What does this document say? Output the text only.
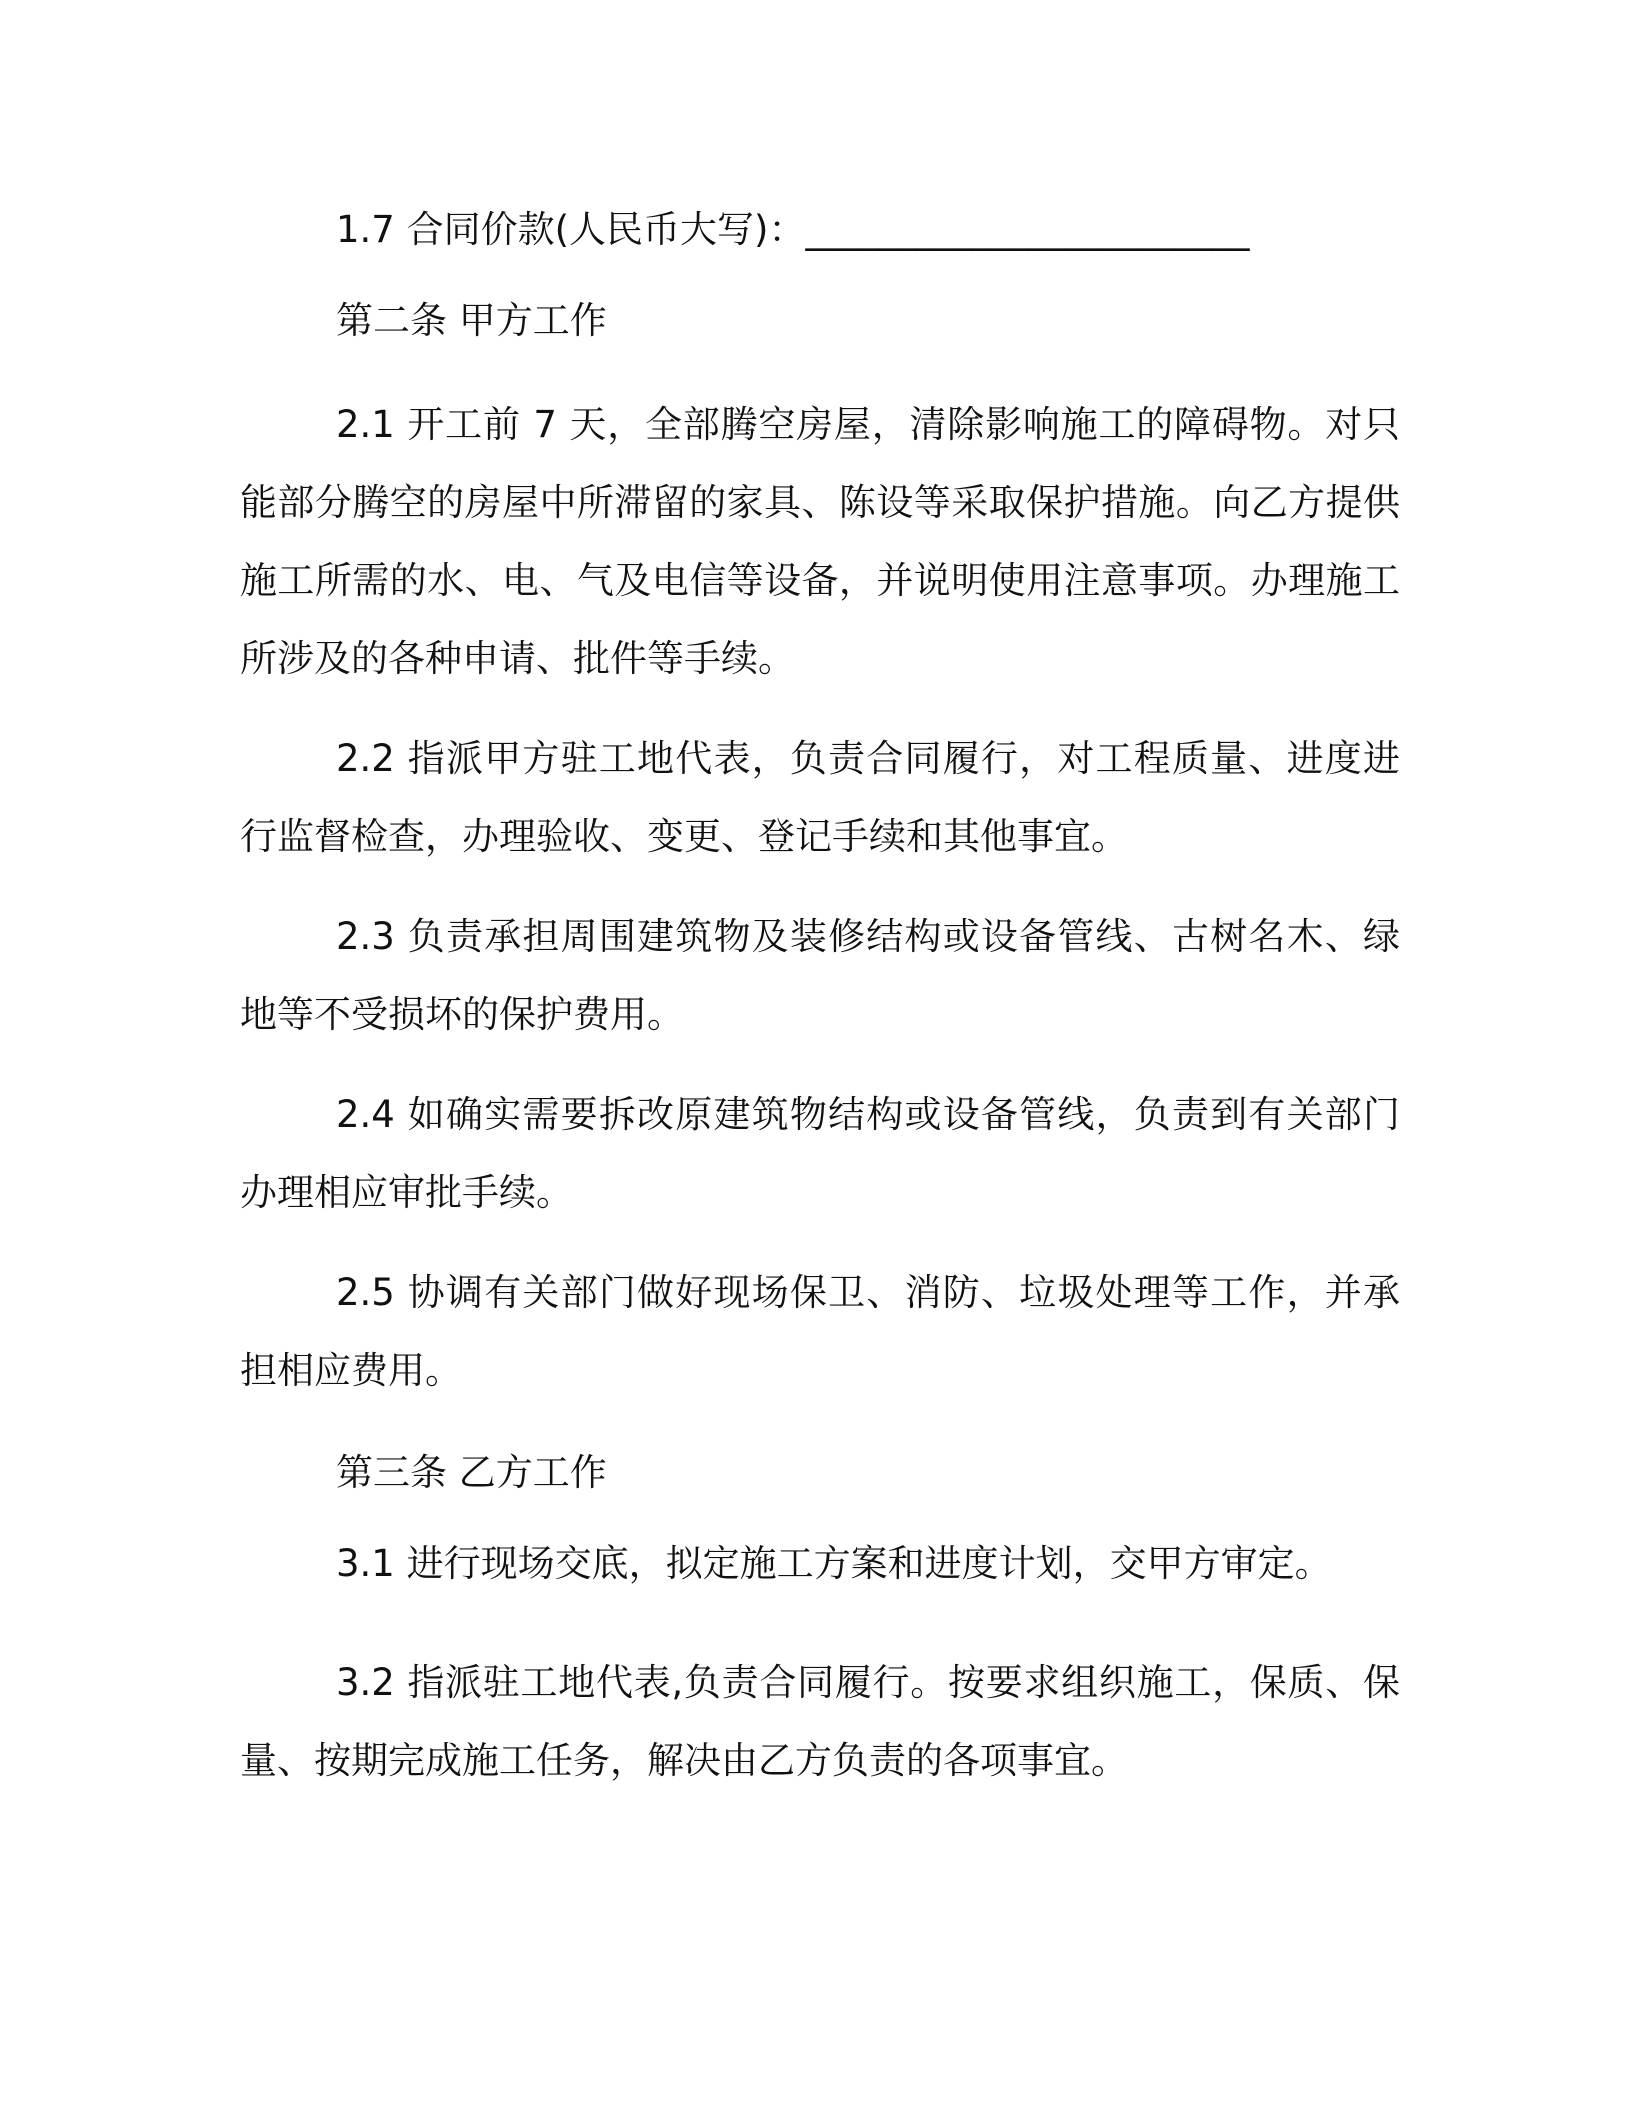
1.7 合同价款(人民币大写)：________________________
第二条 甲方工作
2.1 开工前 7 天，全部腾空房屋，清除影响施工的障碍物。对只能部分腾空的房屋中所滞留的家具、陈设等采取保护措施。向乙方提供施工所需的水、电、气及电信等设备，并说明使用注意事项。办理施工所涉及的各种申请、批件等手续。
2.2 指派甲方驻工地代表，负责合同履行，对工程质量、进度进行监督检查，办理验收、变更、登记手续和其他事宜。
2.3 负责承担周围建筑物及装修结构或设备管线、古树名木、绿地等不受损坏的保护费用。
2.4 如确实需要拆改原建筑物结构或设备管线，负责到有关部门办理相应审批手续。
2.5 协调有关部门做好现场保卫、消防、垃圾处理等工作，并承担相应费用。
第三条 乙方工作
3.1 进行现场交底，拟定施工方案和进度计划，交甲方审定。
3.2 指派驻工地代表,负责合同履行。按要求组织施工，保质、保量、按期完成施工任务，解决由乙方负责的各项事宜。
